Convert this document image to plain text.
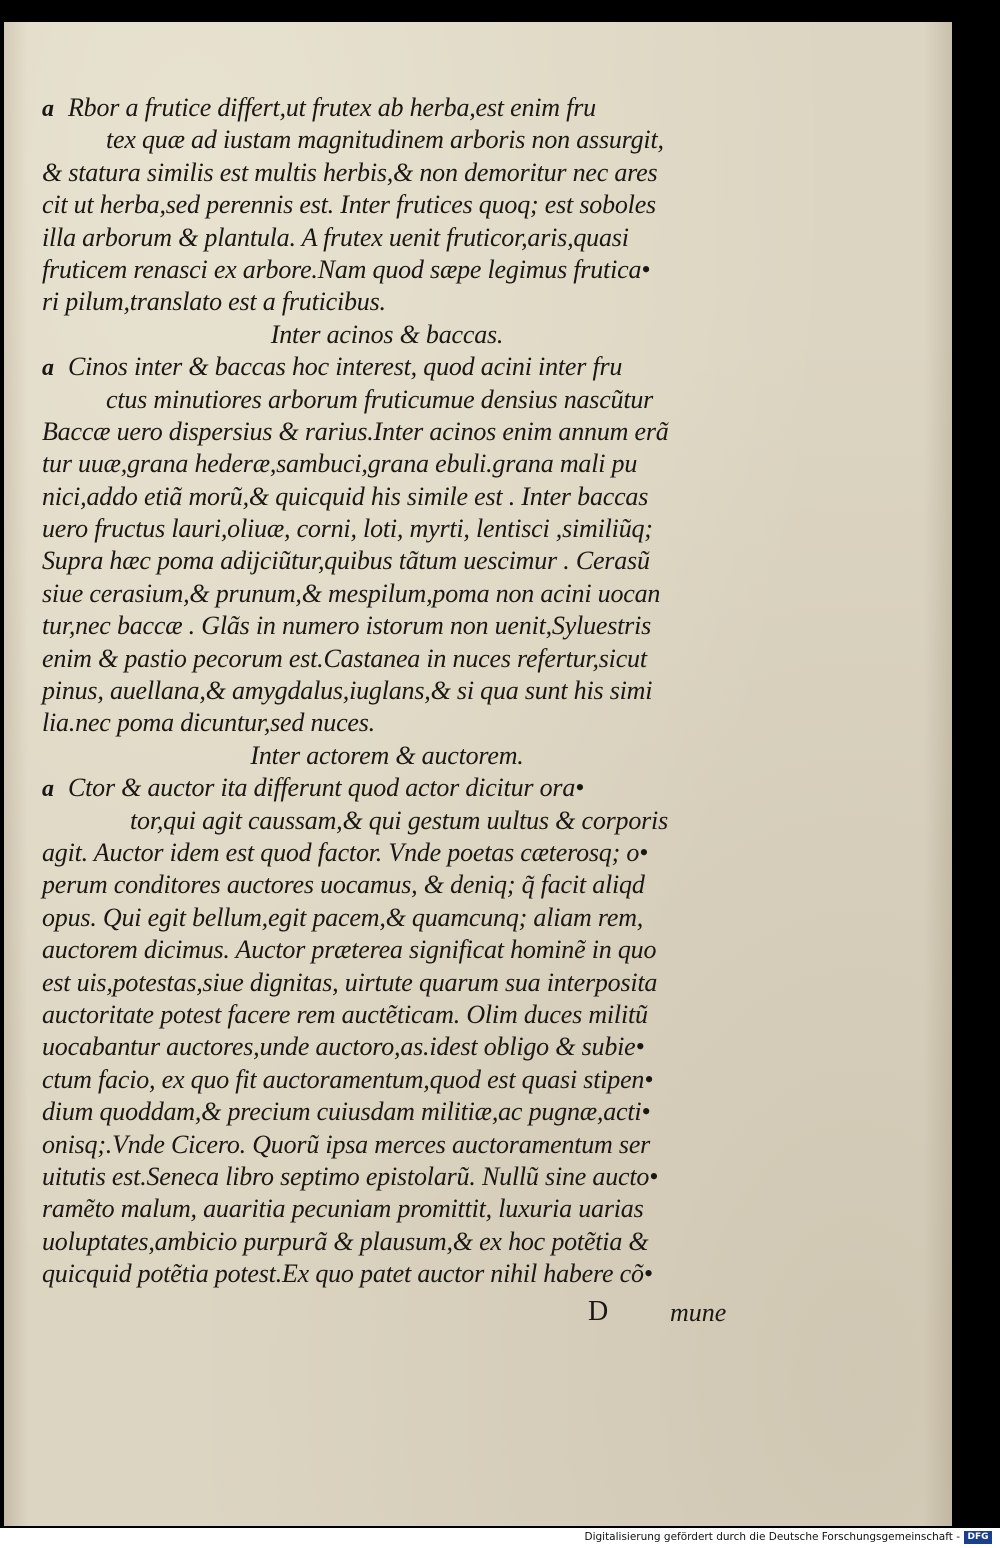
a Rbor a frutice differt,ut frutex ab herba,est enim fru
tex quæ ad iustam magnitudinem arboris non assurgit,
& statura similis est multis herbis,& non demoritur nec ares
cit ut herba,sed perennis est. Inter frutices quoq; est soboles
illa arborum & plantula. A frutex uenit fruticor,aris,quasi
fruticem renasci ex arbore.Nam quod sæpe legimus frutica•
ri pilum,translato est a fruticibus.
Inter acinos & baccas.
a Cinos inter & baccas hoc interest, quod acini inter fru
ctus minutiores arborum fruticumue densius nascũtur
Baccæ uero dispersius & rarius.Inter acinos enim annum erã
tur uuæ,grana hederæ,sambuci,grana ebuli.grana mali pu
nici,addo etiã morũ,& quicquid his simile est . Inter baccas
uero fructus lauri,oliuæ, corni, loti, myrti, lentisci ,similiũq;
Supra hæc poma adijciũtur,quibus tãtum uescimur . Cerasũ
siue cerasium,& prunum,& mespilum,poma non acini uocan
tur,nec baccæ . Glãs in numero istorum non uenit,Syluestris
enim & pastio pecorum est.Castanea in nuces refertur,sicut
pinus, auellana,& amygdalus,iuglans,& si qua sunt his simi
lia.nec poma dicuntur,sed nuces.
Inter actorem & auctorem.
a Ctor & auctor ita differunt quod actor dicitur ora•
tor,qui agit caussam,& qui gestum uultus & corporis
agit. Auctor idem est quod factor. Vnde poetas cæterosq; o•
perum conditores auctores uocamus, & deniq; q̃ facit aliqd
opus. Qui egit bellum,egit pacem,& quamcunq; aliam rem,
auctorem dicimus. Auctor præterea significat hominẽ in quo
est uis,potestas,siue dignitas, uirtute quarum sua interposita
auctoritate potest facere rem auctẽticam. Olim duces militũ
uocabantur auctores,unde auctoro,as.idest obligo & subie•
ctum facio, ex quo fit auctoramentum,quod est quasi stipen•
dium quoddam,& precium cuiusdam militiæ,ac pugnæ,acti•
onisq;.Vnde Cicero. Quorũ ipsa merces auctoramentum ser
uitutis est.Seneca libro septimo epistolarũ. Nullũ sine aucto•
ramẽto malum, auaritia pecuniam promittit, luxuria uarias
uoluptates,ambicio purpurã & plausum,& ex hoc potẽtia &
quicquid potẽtia potest.Ex quo patet auctor nihil habere cõ•
D mune
Digitalisierung gefördert durch die Deutsche Forschungsgemeinschaft - DFG
